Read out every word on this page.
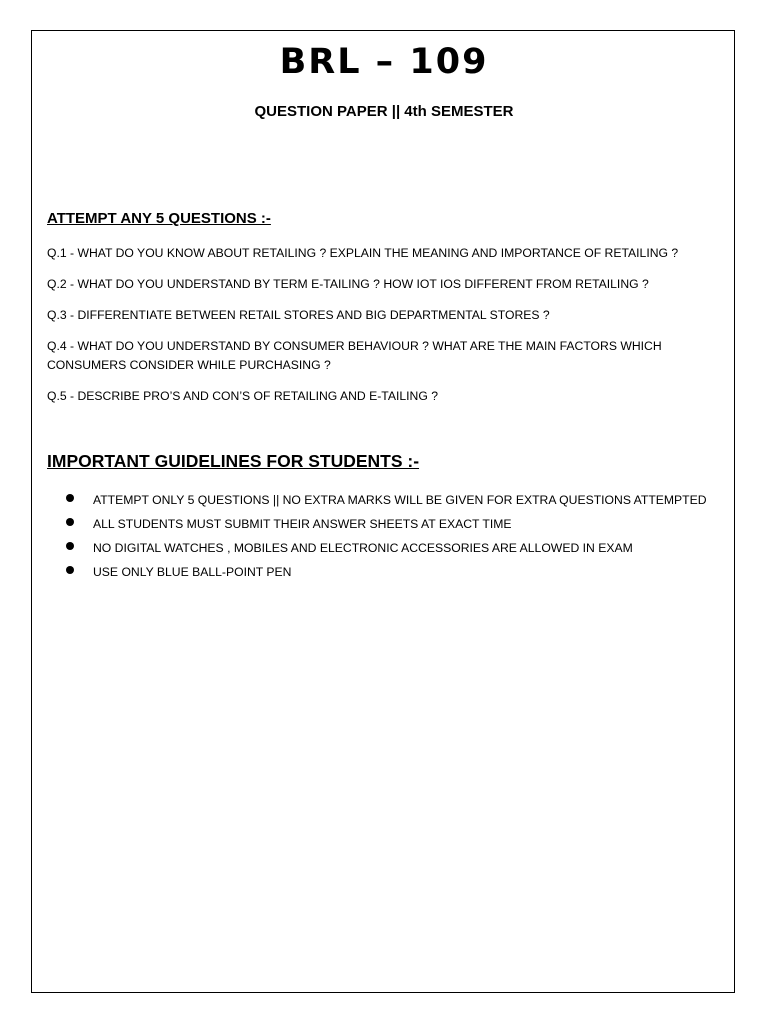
BRL – 109
QUESTION PAPER || 4th SEMESTER
ATTEMPT ANY 5 QUESTIONS :-
Q.1 - WHAT DO YOU KNOW ABOUT RETAILING ? EXPLAIN THE MEANING AND IMPORTANCE OF RETAILING ?
Q.2 - WHAT DO YOU UNDERSTAND BY TERM E-TAILING ? HOW IOT IOS DIFFERENT FROM RETAILING ?
Q.3 - DIFFERENTIATE BETWEEN RETAIL STORES AND BIG DEPARTMENTAL STORES ?
Q.4 - WHAT DO YOU UNDERSTAND BY CONSUMER BEHAVIOUR ? WHAT ARE THE MAIN FACTORS WHICH CONSUMERS CONSIDER WHILE PURCHASING ?
Q.5 - DESCRIBE PRO’S AND CON’S OF RETAILING AND E-TAILING ?
IMPORTANT GUIDELINES FOR STUDENTS :-
ATTEMPT ONLY 5 QUESTIONS || NO EXTRA MARKS WILL BE GIVEN FOR EXTRA QUESTIONS ATTEMPTED
ALL STUDENTS MUST SUBMIT THEIR ANSWER SHEETS AT EXACT TIME
NO DIGITAL WATCHES , MOBILES AND ELECTRONIC ACCESSORIES ARE ALLOWED IN EXAM
USE ONLY BLUE BALL-POINT PEN
